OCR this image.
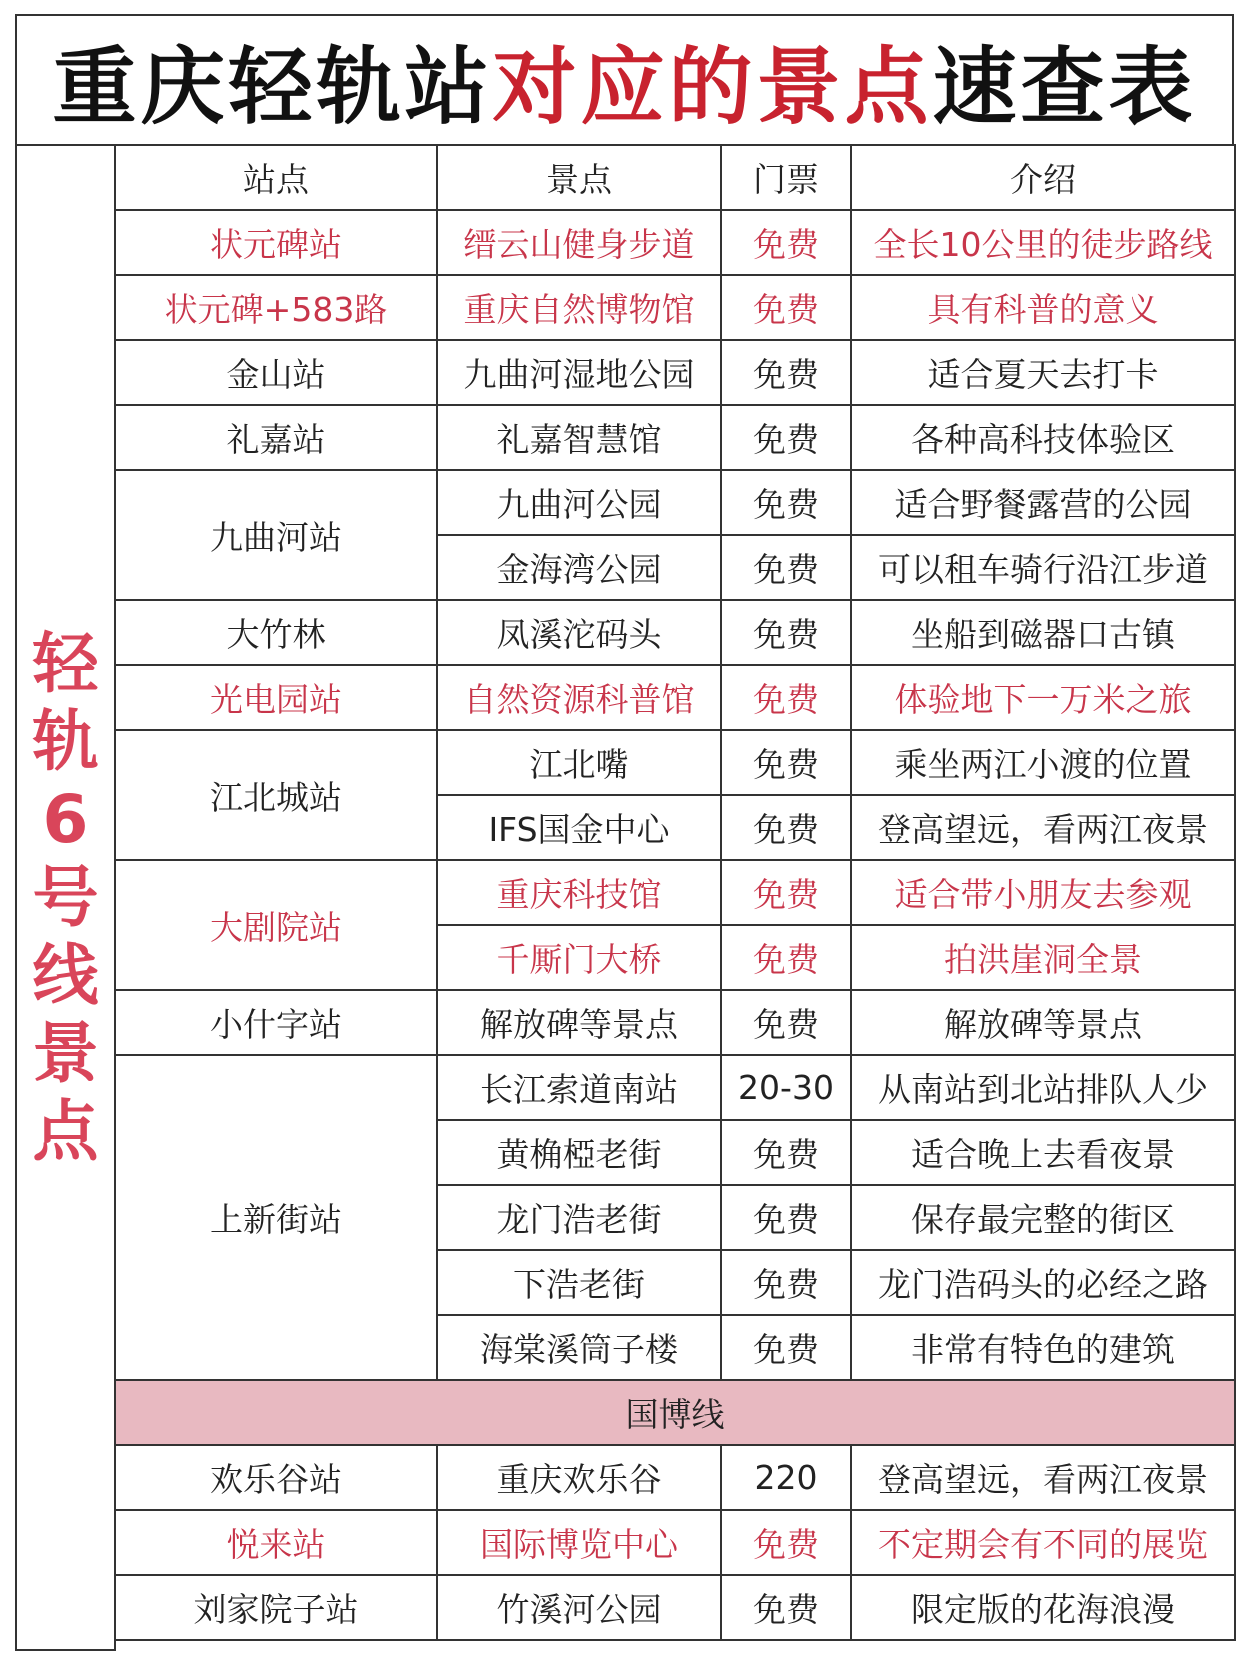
重庆轻轨站 对应的景点 速查表
轻
轨
6
号
线
景
点
站点	景点	门票	介绍
状元碑站	缙云山健身步道	免费	全长10公里的徒步路线
状元碑+583路	重庆自然博物馆	免费	具有科普的意义
金山站	九曲河湿地公园	免费	适合夏天去打卡
礼嘉站	礼嘉智慧馆	免费	各种高科技体验区
九曲河站	九曲河公园	免费	适合野餐露营的公园
	金海湾公园	免费	可以租车骑行沿江步道
大竹林	凤溪沱码头	免费	坐船到磁器口古镇
光电园站	自然资源科普馆	免费	体验地下一万米之旅
江北城站	江北嘴	免费	乘坐两江小渡的位置
	IFS国金中心	免费	登高望远，看两江夜景
大剧院站	重庆科技馆	免费	适合带小朋友去参观
	千厮门大桥	免费	拍洪崖洞全景
小什字站	解放碑等景点	免费	解放碑等景点
上新街站	长江索道南站	20-30	从南站到北站排队人少
	黄桷椏老街	免费	适合晚上去看夜景
	龙门浩老街	免费	保存最完整的街区
	下浩老街	免费	龙门浩码头的必经之路
	海棠溪筒子楼	免费	非常有特色的建筑
国博线			
欢乐谷站	重庆欢乐谷	220	登高望远，看两江夜景
悦来站	国际博览中心	免费	不定期会有不同的展览
刘家院子站	竹溪河公园	免费	限定版的花海浪漫
